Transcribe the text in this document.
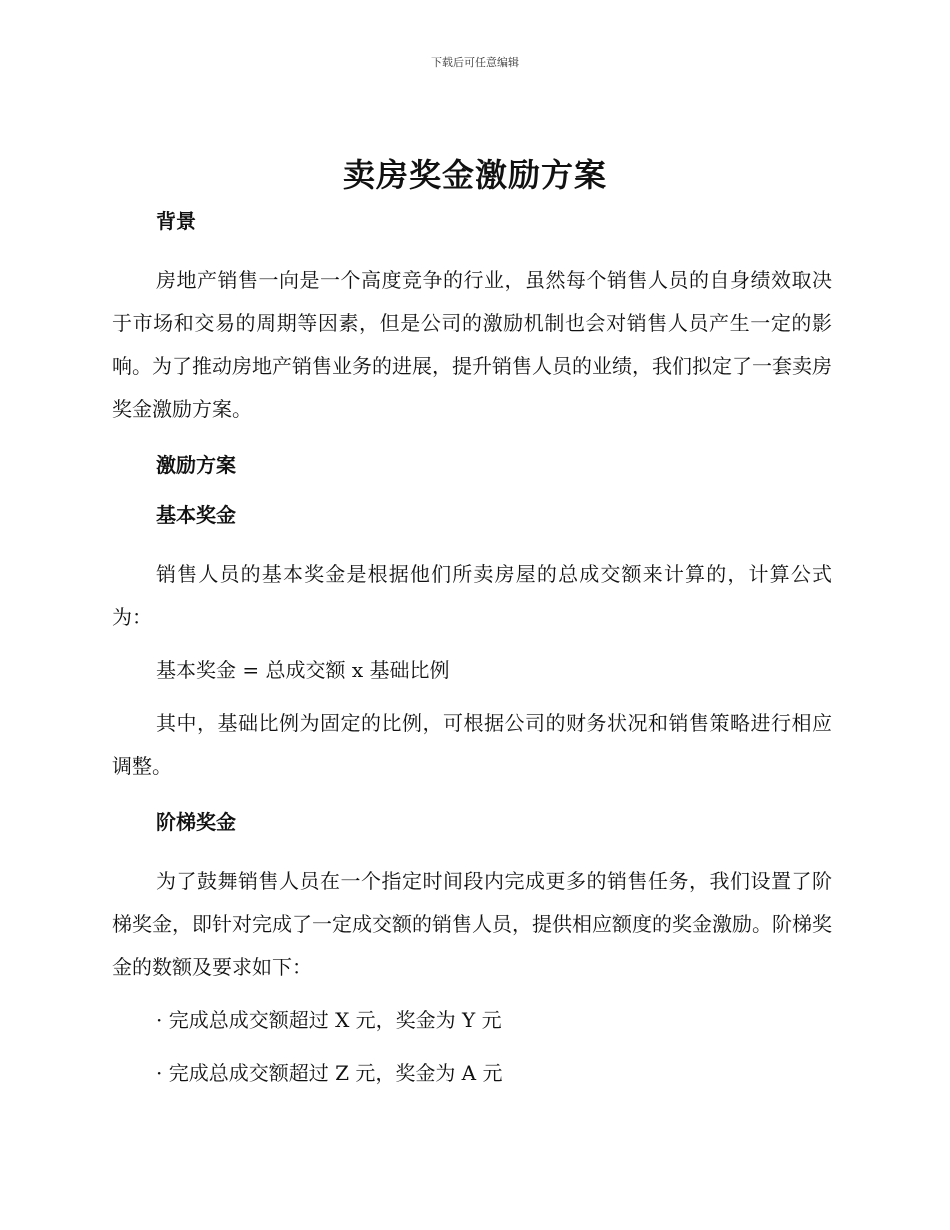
下载后可任意编辑
卖房奖金激励方案
背景

房地产销售一向是一个高度竞争的行业，虽然每个销售人员的自身绩效取决于市场和交易的周期等因素，但是公司的激励机制也会对销售人员产生一定的影响。为了推动房地产销售业务的进展，提升销售人员的业绩，我们拟定了一套卖房奖金激励方案。

激励方案
基本奖金

销售人员的基本奖金是根据他们所卖房屋的总成交额来计算的，计算公式为：

基本奖金 = 总成交额 x 基础比例

其中，基础比例为固定的比例，可根据公司的财务状况和销售策略进行相应调整。

阶梯奖金

为了鼓舞销售人员在一个指定时间段内完成更多的销售任务，我们设置了阶梯奖金，即针对完成了一定成交额的销售人员，提供相应额度的奖金激励。阶梯奖金的数额及要求如下：

· 完成总成交额超过 X 元，奖金为 Y 元

· 完成总成交额超过 Z 元，奖金为 A 元
